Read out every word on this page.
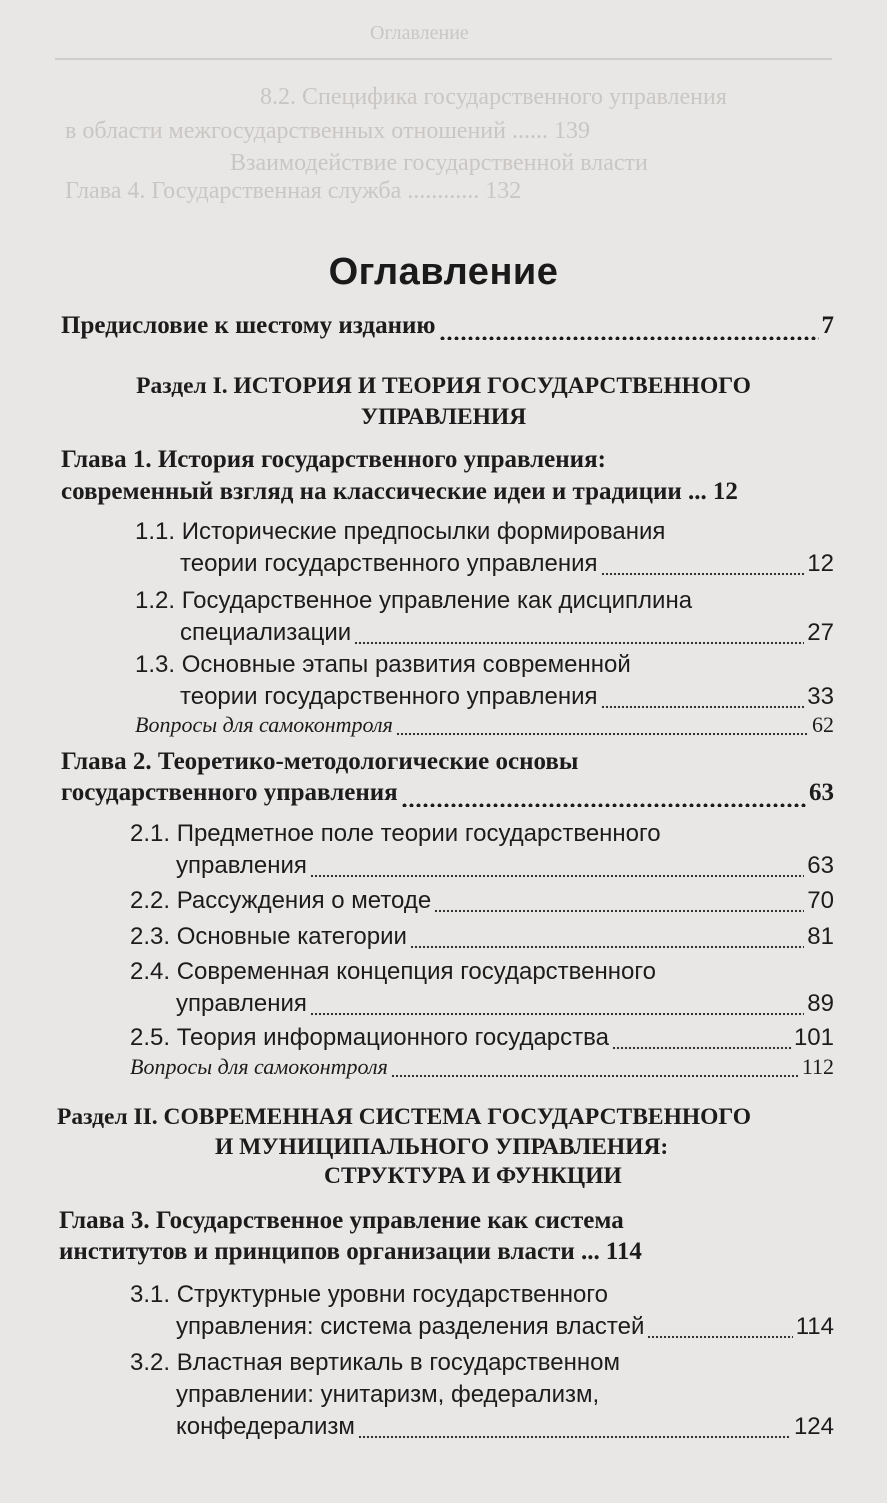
Оглавление
8.2. Специфика государственного управления
в области межгосударственных отношений ...... 139
Взаимодействие государственной власти
Глава 4. Государственная служба ............ 132
Оглавление
Предисловие к шестому изданию	7
Раздел I. ИСТОРИЯ И ТЕОРИЯ ГОСУДАРСТВЕННОГО
УПРАВЛЕНИЯ
Глава 1. История государственного управления:
современный взгляд на классические идеи и традиции ... 12
1.1. Исторические предпосылки формирования
теории государственного управления	12
1.2. Государственное управление как дисциплина
специализации	27
1.3. Основные этапы развития современной
теории государственного управления	33
Вопросы для самоконтроля	62
Глава 2. Теоретико-методологические основы
государственного управления	63
2.1. Предметное поле теории государственного
управления	63
2.2. Рассуждения о методе	70
2.3. Основные категории	81
2.4. Современная концепция государственного
управления	89
2.5. Теория информационного государства	101
Вопросы для самоконтроля	112
Раздел II. СОВРЕМЕННАЯ СИСТЕМА ГОСУДАРСТВЕННОГО
И МУНИЦИПАЛЬНОГО УПРАВЛЕНИЯ:
СТРУКТУРА И ФУНКЦИИ
Глава 3. Государственное управление как система
институтов и принципов организации власти ... 114
3.1. Структурные уровни государственного
управления: система разделения властей	114
3.2. Властная вертикаль в государственном
управлении: унитаризм, федерализм,
конфедерализм	124
